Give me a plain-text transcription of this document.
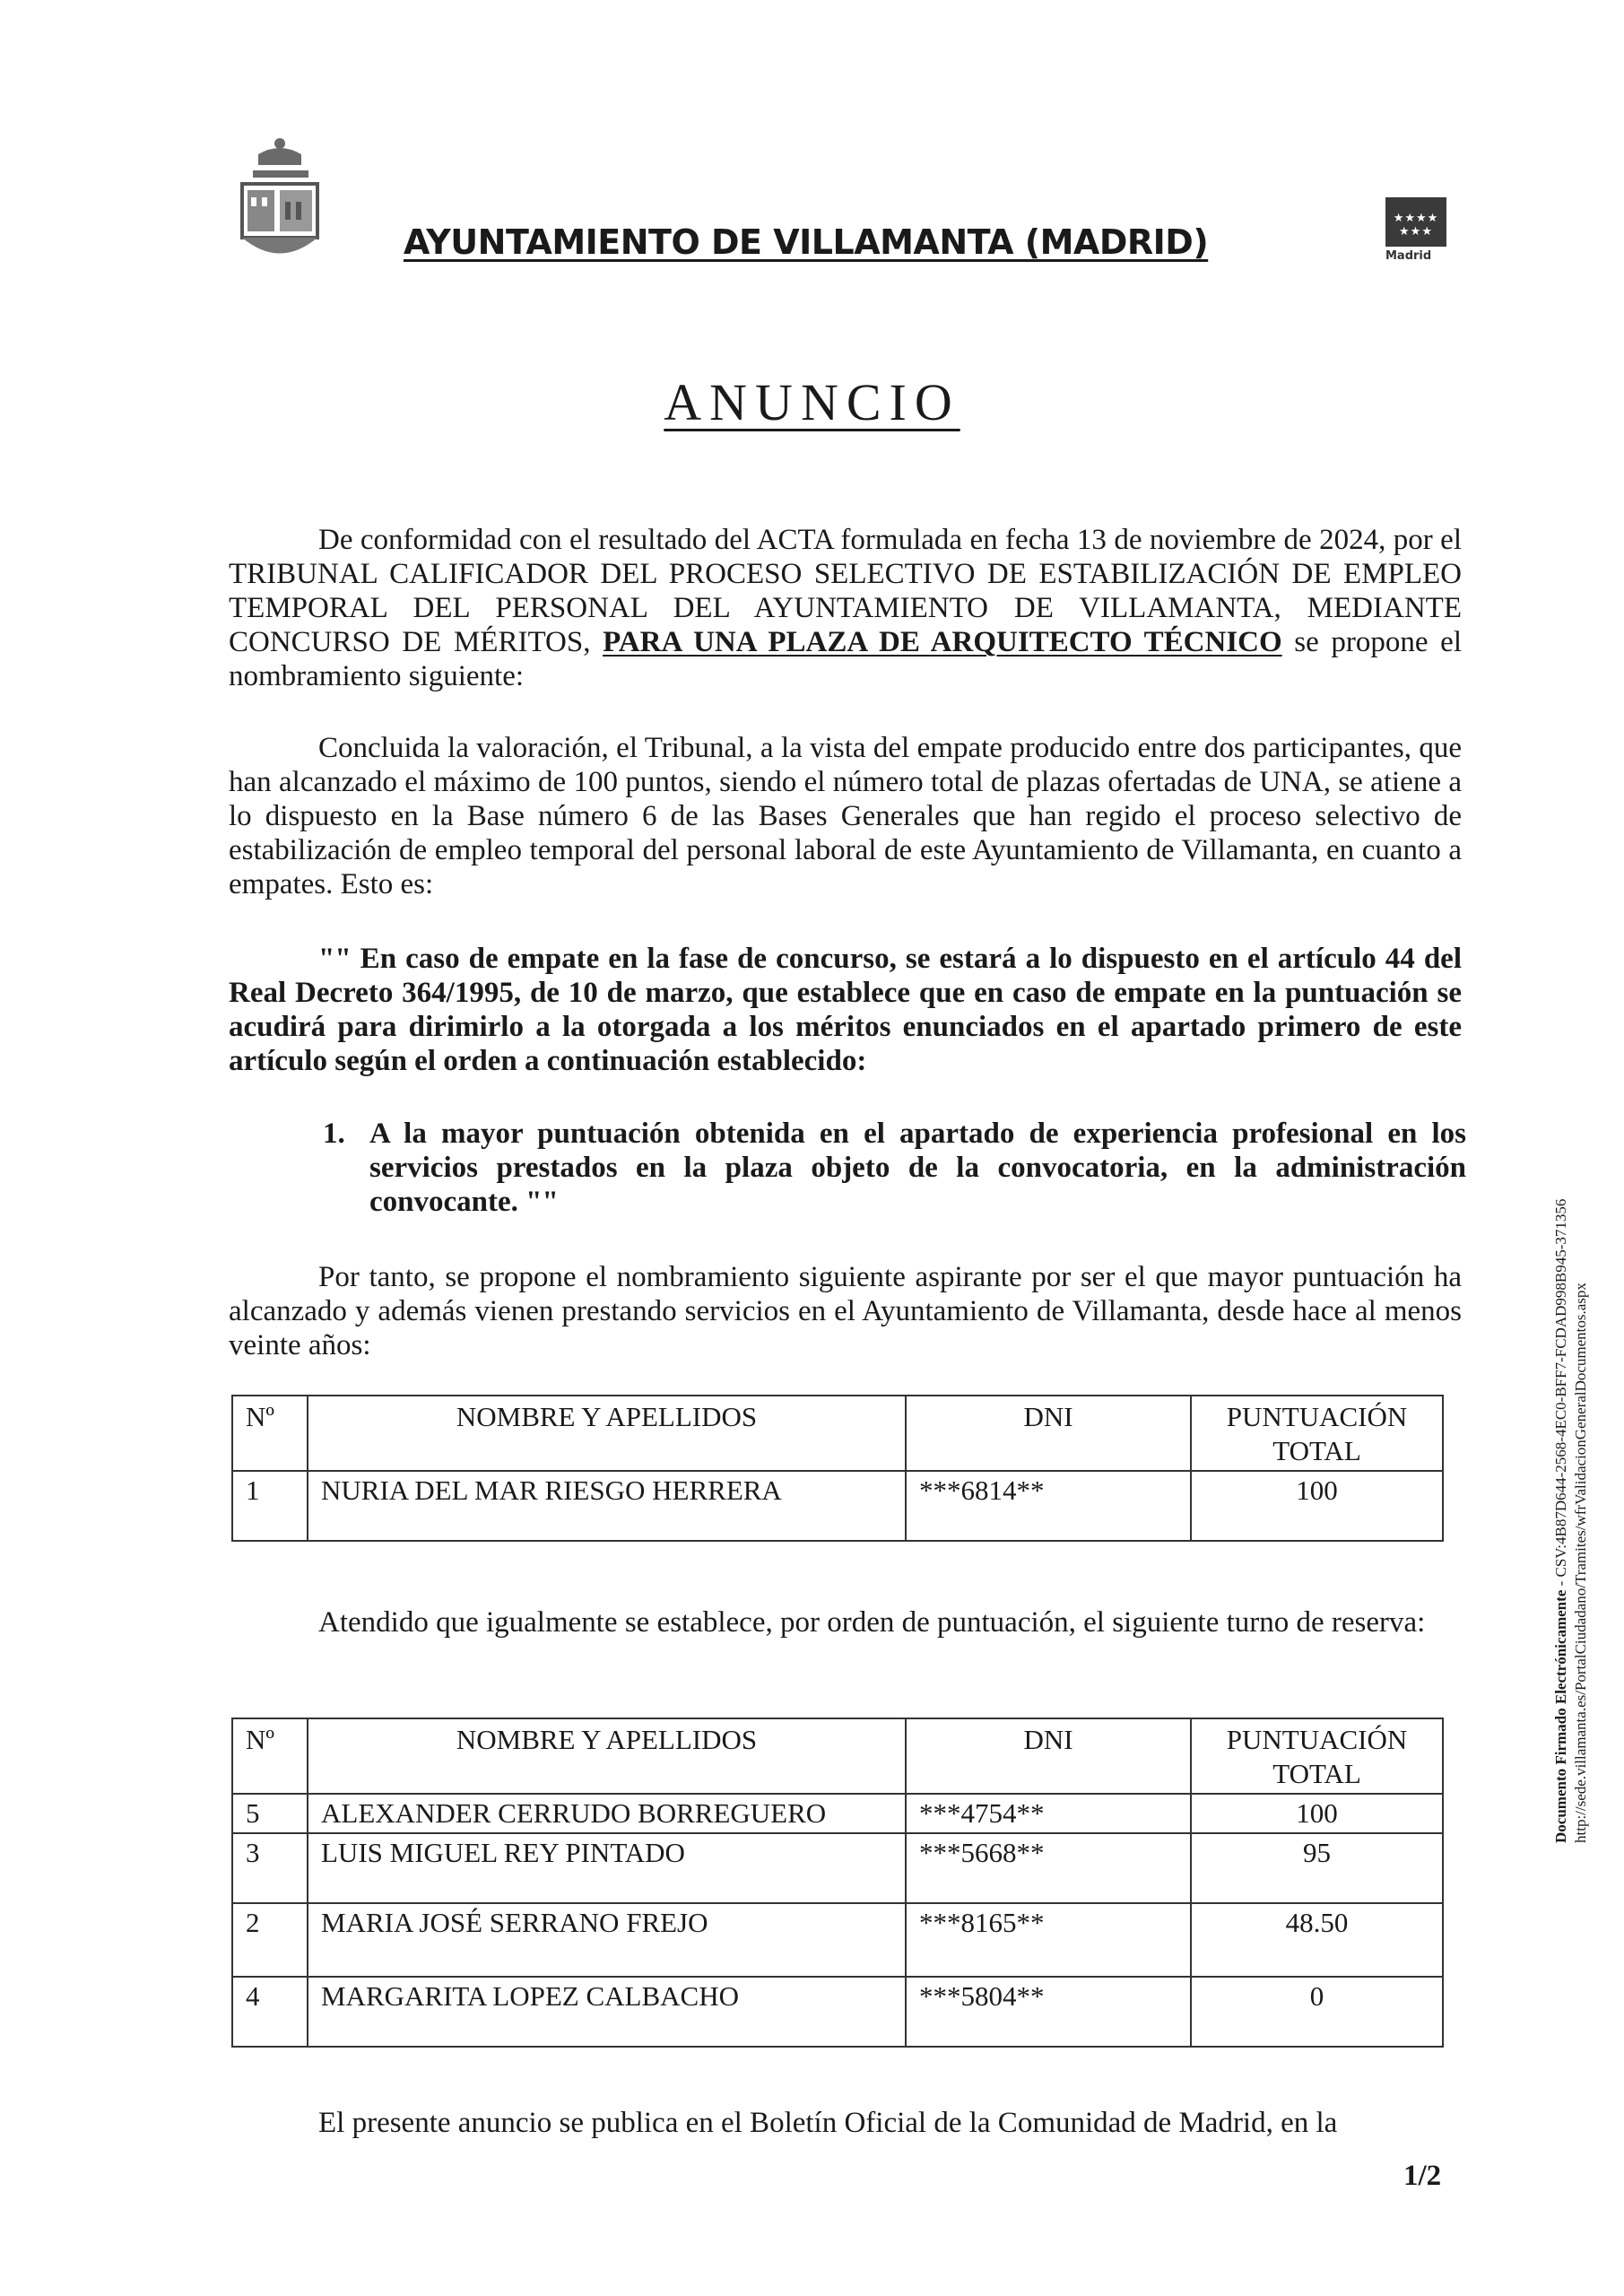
AYUNTAMIENTO DE VILLAMANTA (MADRID)
★★★★
★★★
Madrid
ANUNCIO
De conformidad con el resultado del ACTA formulada en fecha 13 de noviembre de 2024, por el TRIBUNAL CALIFICADOR DEL PROCESO SELECTIVO DE ESTABILIZACIÓN DE EMPLEO TEMPORAL DEL PERSONAL DEL AYUNTAMIENTO DE VILLAMANTA, MEDIANTE CONCURSO DE MÉRITOS, PARA UNA PLAZA DE ARQUITECTO TÉCNICO se propone el nombramiento siguiente:
Concluida la valoración, el Tribunal, a la vista del empate producido entre dos participantes, que han alcanzado el máximo de 100 puntos, siendo el número total de plazas ofertadas de UNA, se atiene a lo dispuesto en la Base número 6 de las Bases Generales que han regido el proceso selectivo de estabilización de empleo temporal del personal laboral de este Ayuntamiento de Villamanta, en cuanto a empates. Esto es:
"" En caso de empate en la fase de concurso, se estará a lo dispuesto en el artículo 44 del Real Decreto 364/1995, de 10 de marzo, que establece que en caso de empate en la puntuación se acudirá para dirimirlo a la otorgada a los méritos enunciados en el apartado primero de este artículo según el orden a continuación establecido:
1. A la mayor puntuación obtenida en el apartado de experiencia profesional en los servicios prestados en la plaza objeto de la convocatoria, en la administración convocante. ""
Por tanto, se propone el nombramiento siguiente aspirante por ser el que mayor puntuación ha alcanzado y además vienen prestando servicios en el Ayuntamiento de Villamanta, desde hace al menos veinte años:
Nº	NOMBRE Y APELLIDOS	DNI	PUNTUACIÓN TOTAL
1	NURIA DEL MAR RIESGO HERRERA	***6814**	100
Atendido que igualmente se establece, por orden de puntuación, el siguiente turno de reserva:
Nº	NOMBRE Y APELLIDOS	DNI	PUNTUACIÓN TOTAL
5	ALEXANDER CERRUDO BORREGUERO	***4754**	100
3	LUIS MIGUEL REY PINTADO	***5668**	95
2	MARIA JOSÉ SERRANO FREJO	***8165**	48.50
4	MARGARITA LOPEZ CALBACHO	***5804**	0
El presente anuncio se publica en el Boletín Oficial de la Comunidad de Madrid, en la
1/2
Documento Firmado Electrónicamente - CSV:4B87D644-2568-4EC0-BFF7-FCDAD998B945-371356 http://sede.villamanta.es/PortalCiudadano/Tramites/wfrValidacionGeneralDocumentos.aspx
